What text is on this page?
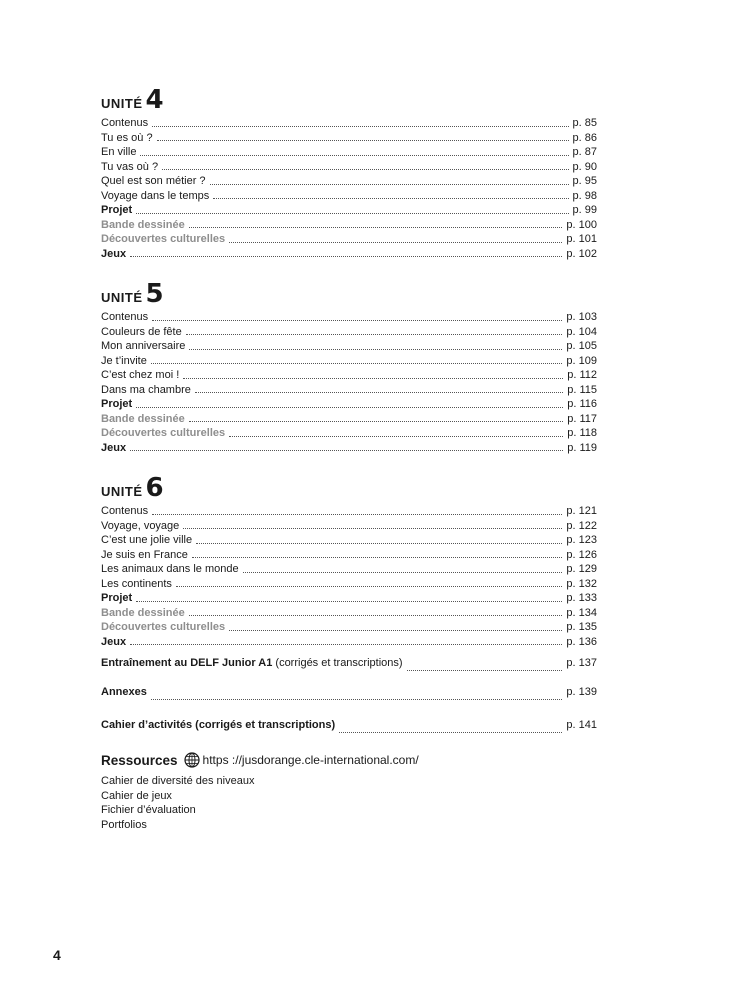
UNITÉ 4
Contenus	p. 85
Tu es où ?	p. 86
En ville	p. 87
Tu vas où ?	p. 90
Quel est son métier ?	p. 95
Voyage dans le temps	p. 98
Projet	p. 99
Bande dessinée	p. 100
Découvertes culturelles	p. 101
Jeux	p. 102
UNITÉ 5
Contenus	p. 103
Couleurs de fête	p. 104
Mon anniversaire	p. 105
Je t’invite	p. 109
C’est chez moi !	p. 112
Dans ma chambre	p. 115
Projet	p. 116
Bande dessinée	p. 117
Découvertes culturelles	p. 118
Jeux	p. 119
UNITÉ 6
Contenus	p. 121
Voyage, voyage	p. 122
C’est une jolie ville	p. 123
Je suis en France	p. 126
Les animaux dans le monde	p. 129
Les continents	p. 132
Projet	p. 133
Bande dessinée	p. 134
Découvertes culturelles	p. 135
Jeux	p. 136
Entraînement au DELF Junior A1 (corrigés et transcriptions)	p. 137
Annexes	p. 139
Cahier d’activités (corrigés et transcriptions)	p. 141
Ressources https ://jusdorange.cle-international.com/
Cahier de diversité des niveaux
Cahier de jeux
Fichier d’évaluation
Portfolios
4
